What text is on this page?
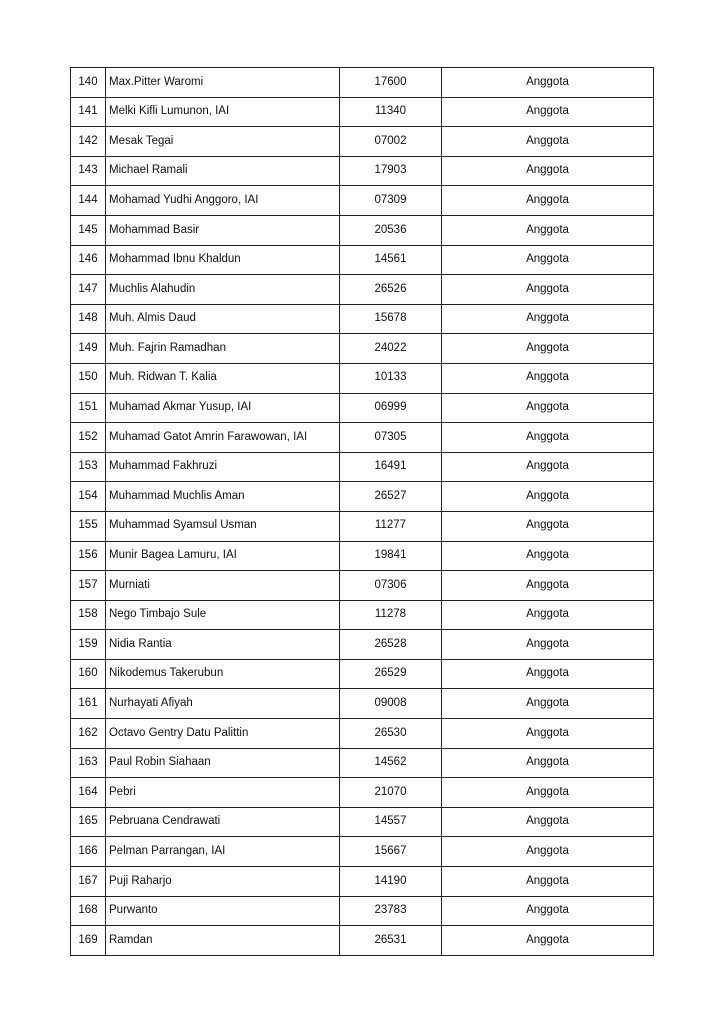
140	Max.Pitter Waromi	17600	Anggota
141	Melki Kifli Lumunon, IAI	11340	Anggota
142	Mesak Tegai	07002	Anggota
143	Michael Ramali	17903	Anggota
144	Mohamad Yudhi Anggoro, IAI	07309	Anggota
145	Mohammad Basir	20536	Anggota
146	Mohammad Ibnu Khaldun	14561	Anggota
147	Muchlis Alahudin	26526	Anggota
148	Muh. Almis Daud	15678	Anggota
149	Muh. Fajrin Ramadhan	24022	Anggota
150	Muh. Ridwan T. Kalia	10133	Anggota
151	Muhamad Akmar Yusup, IAI	06999	Anggota
152	Muhamad Gatot Amrin Farawowan, IAI	07305	Anggota
153	Muhammad Fakhruzi	16491	Anggota
154	Muhammad Muchlis Aman	26527	Anggota
155	Muhammad Syamsul Usman	11277	Anggota
156	Munir Bagea Lamuru, IAI	19841	Anggota
157	Murniati	07306	Anggota
158	Nego Timbajo Sule	11278	Anggota
159	Nidia Rantia	26528	Anggota
160	Nikodemus Takerubun	26529	Anggota
161	Nurhayati Afiyah	09008	Anggota
162	Octavo Gentry Datu Palittin	26530	Anggota
163	Paul Robin Siahaan	14562	Anggota
164	Pebri	21070	Anggota
165	Pebruana Cendrawati	14557	Anggota
166	Pelman Parrangan, IAI	15667	Anggota
167	Puji Raharjo	14190	Anggota
168	Purwanto	23783	Anggota
169	Ramdan	26531	Anggota
